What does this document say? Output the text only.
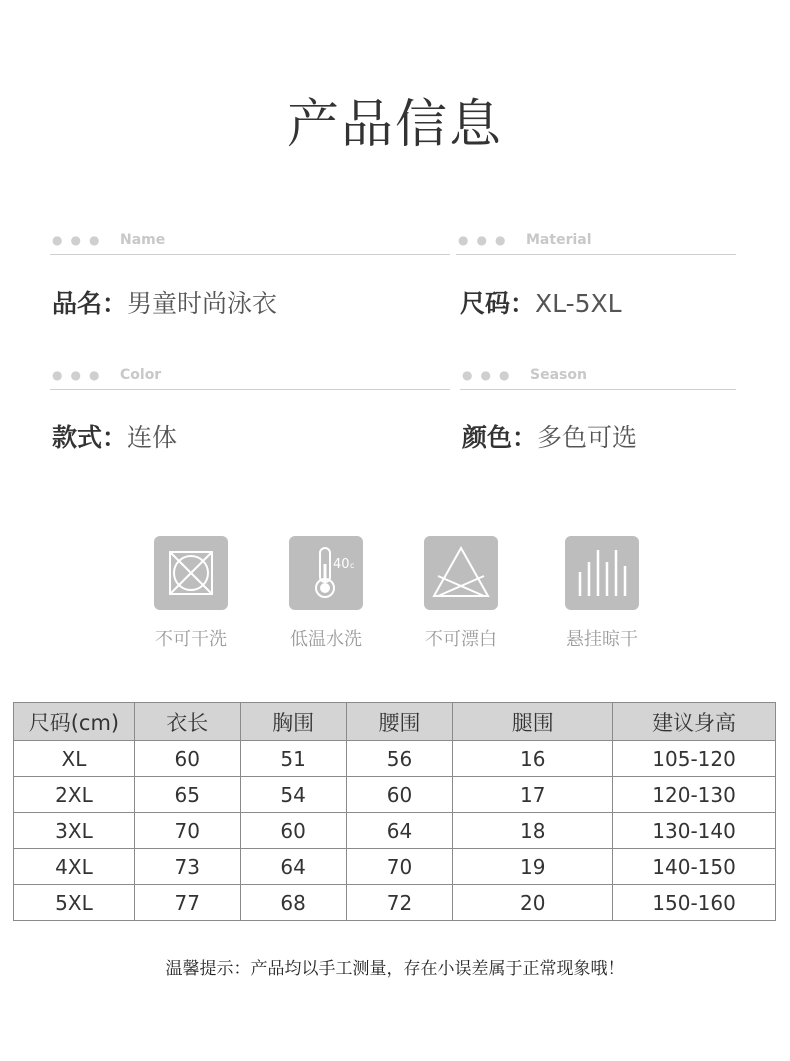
产品信息
●●● Name	●●● Material
品名：男童时尚泳衣	尺码：XL-5XL
●●● Color	●●● Season
款式：连体	颜色：多色可选
不可干洗
40 c
低温水洗	不可漂白	悬挂晾干
尺码(cm)	衣长	胸围	腰围	腿围	建议身高
XL	60	51	56	16	105-120
2XL	65	54	60	17	120-130
3XL	70	60	64	18	130-140
4XL	73	64	70	19	140-150
5XL	77	68	72	20	150-160
温馨提示：产品均以手工测量，存在小误差属于正常现象哦！
